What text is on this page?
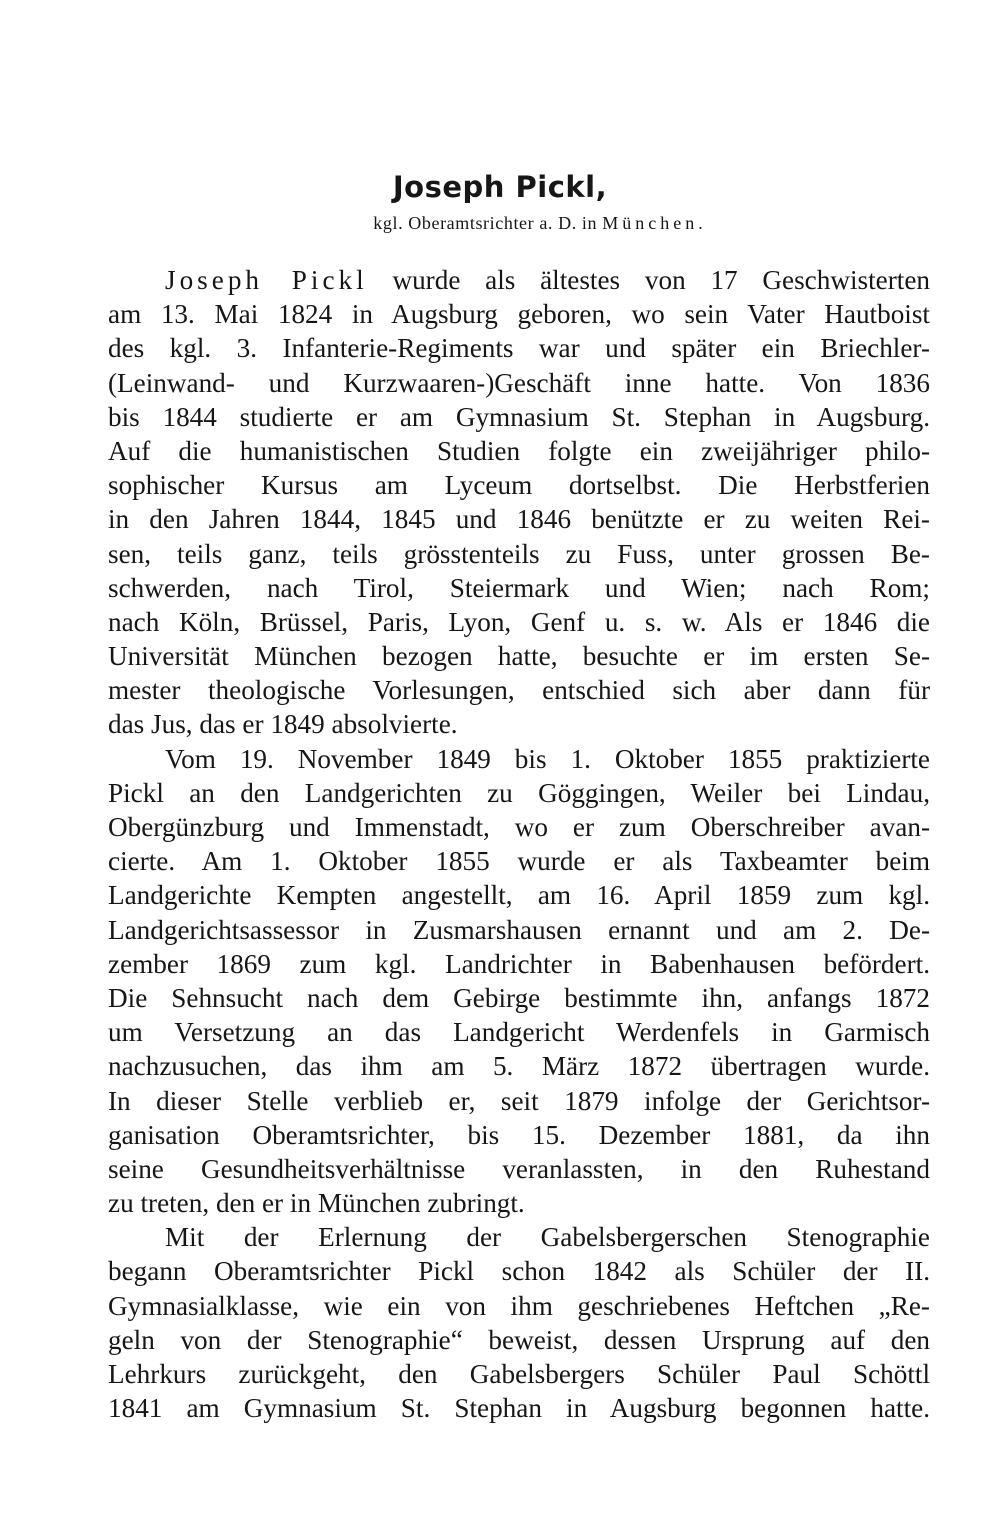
Joseph Pickl,
kgl. Oberamtsrichter a. D. in München.
Joseph Pickl wurde als ältestes von 17 Geschwisterten
am 13. Mai 1824 in Augsburg geboren, wo sein Vater Hautboist
des kgl. 3. Infanterie-Regiments war und später ein Briechler-
(Leinwand- und Kurzwaaren-)Geschäft inne hatte. Von 1836
bis 1844 studierte er am Gymnasium St. Stephan in Augsburg.
Auf die humanistischen Studien folgte ein zweijähriger philo-
sophischer Kursus am Lyceum dortselbst. Die Herbstferien
in den Jahren 1844, 1845 und 1846 benützte er zu weiten Rei-
sen, teils ganz, teils grösstenteils zu Fuss, unter grossen Be-
schwerden, nach Tirol, Steiermark und Wien; nach Rom;
nach Köln, Brüssel, Paris, Lyon, Genf u. s. w. Als er 1846 die
Universität München bezogen hatte, besuchte er im ersten Se-
mester theologische Vorlesungen, entschied sich aber dann für
das Jus, das er 1849 absolvierte.
Vom 19. November 1849 bis 1. Oktober 1855 praktizierte
Pickl an den Landgerichten zu Göggingen, Weiler bei Lindau,
Obergünzburg und Immenstadt, wo er zum Oberschreiber avan-
cierte. Am 1. Oktober 1855 wurde er als Taxbeamter beim
Landgerichte Kempten angestellt, am 16. April 1859 zum kgl.
Landgerichtsassessor in Zusmarshausen ernannt und am 2. De-
zember 1869 zum kgl. Landrichter in Babenhausen befördert.
Die Sehnsucht nach dem Gebirge bestimmte ihn, anfangs 1872
um Versetzung an das Landgericht Werdenfels in Garmisch
nachzusuchen, das ihm am 5. März 1872 übertragen wurde.
In dieser Stelle verblieb er, seit 1879 infolge der Gerichtsor-
ganisation Oberamtsrichter, bis 15. Dezember 1881, da ihn
seine Gesundheitsverhältnisse veranlassten, in den Ruhestand
zu treten, den er in München zubringt.
Mit der Erlernung der Gabelsbergerschen Stenographie
begann Oberamtsrichter Pickl schon 1842 als Schüler der II.
Gymnasialklasse, wie ein von ihm geschriebenes Heftchen „Re-
geln von der Stenographie“ beweist, dessen Ursprung auf den
Lehrkurs zurückgeht, den Gabelsbergers Schüler Paul Schöttl
1841 am Gymnasium St. Stephan in Augsburg begonnen hatte.
